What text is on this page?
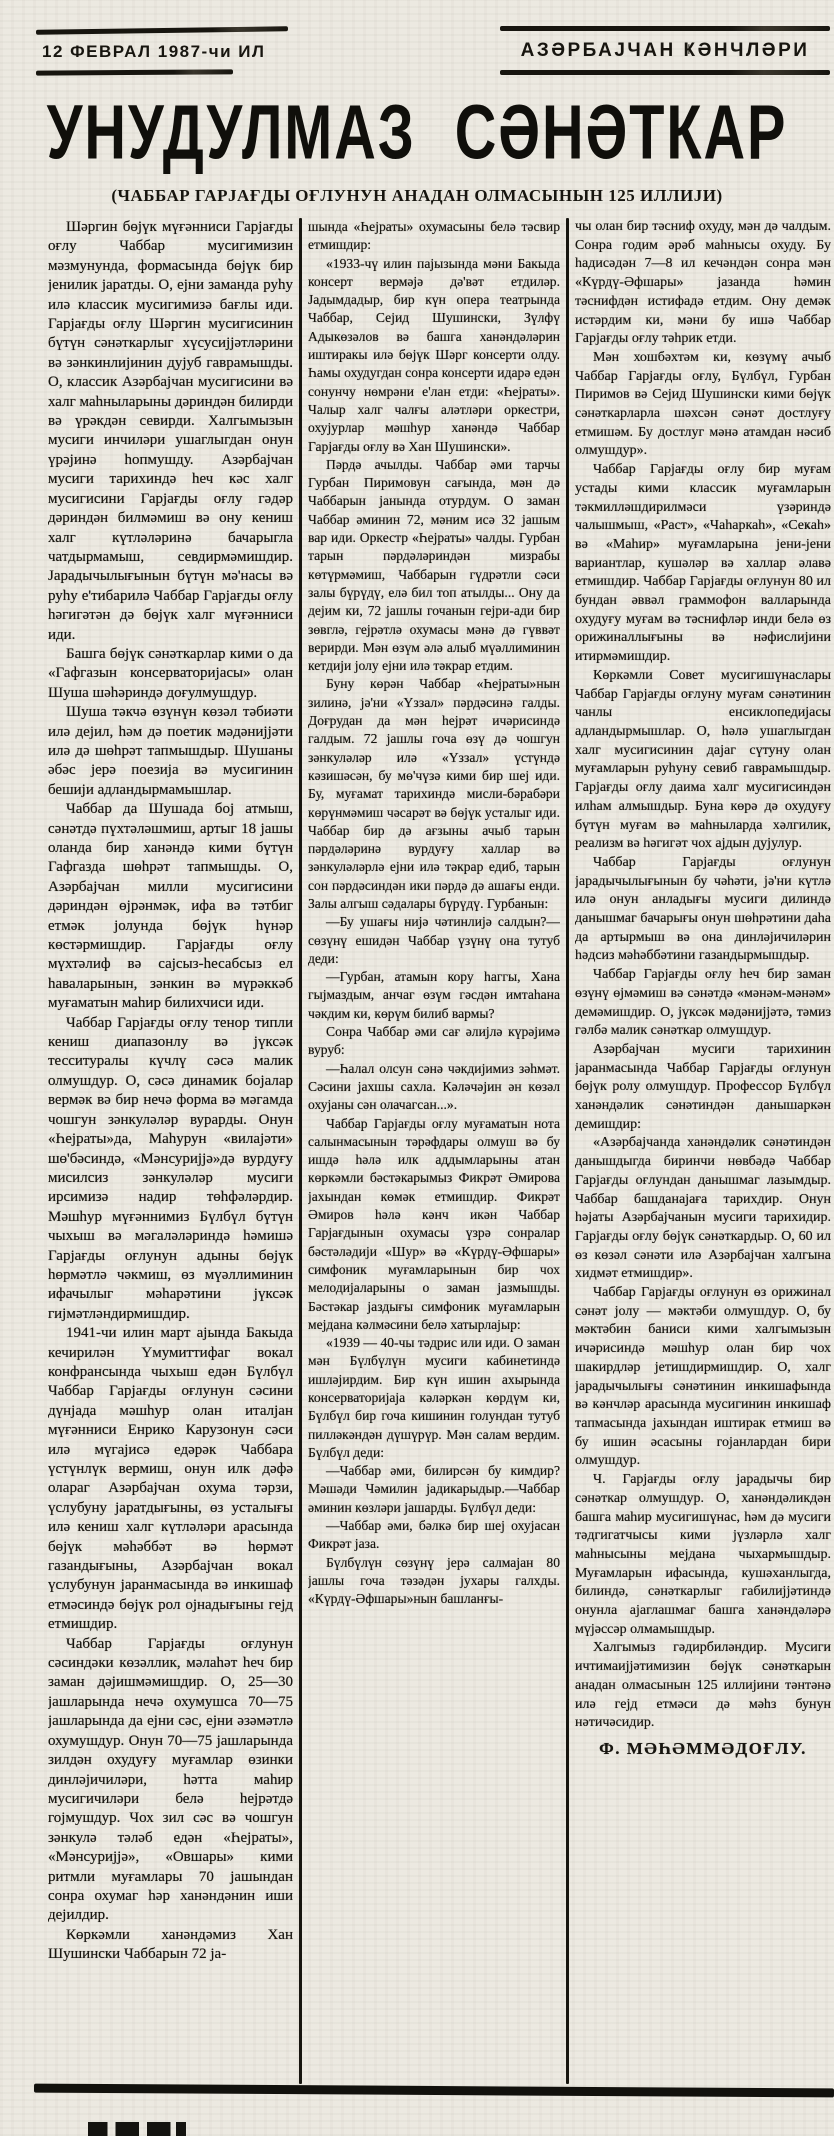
12 ФЕВРАЛ 1987-чи ИЛ	АЗӘРБАЈЧАН ҜӘНЧЛӘРИ
УНУДУЛМАЗ СӘНӘТКАР
(ЧАББАР ГАРЈАҒДЫ ОҒЛУНУН АНАДАН ОЛМАСЫНЫН 125 ИЛЛИЈИ)

Шәргин бөјүк мүғәнниси Гарјағды оғлу Чаббар мусигимизин мәзмунунда, формасында бөјүк бир јенилик јаратды. О, ејни заманда руһу илә классик мусигимизә бағлы иди. Гарјағды оғлу Шәргин мусигисинин бүтүн сәнәткарлыг хүсусијјәтләрини вә зәнкинлијинин дујуб гаврамышды. О, классик Азәрбајчан мусигисини вә халг маһныларыны дәриндән билирди вә үрәкдән севирди. Халгымызын мусиги инчиләри ушаглыгдан онун үрәјинә һопмушду. Азәрбајчан мусиги тарихиндә һеч кәс халг мусигисини Гарјағды оғлу гәдәр дәриндән билмәмиш вә ону кениш халг күтләләринә бачарыгла чатдырмамыш, севдирмәмишдир. Јарадычылығынын бүтүн мә'насы вә руһу е'тибарилә Чаббар Гарјағды оғлу һәгигәтән дә бөјүк халг мүғәнниси иди.

Башга бөјүк сәнәткарлар кими о да «Гафгазын консерваторијасы» олан Шуша шәһәриндә доғулмушдур.

Шуша тәкчә өзүнүн көзәл тәбиәти илә дејил, һәм дә поетик мәдәнијјәти илә дә шөһрәт тапмышдыр. Шушаны әбәс јерә поезија вә мусигинин бешији адландырмамышлар.

Чаббар да Шушада бој атмыш, сәнәтдә пүхтәләшмиш, артыг 18 јашы оланда бир ханәндә кими бүтүн Гафгазда шөһрәт тапмышды. О, Азәрбајчан милли мусигисини дәриндән өјрәнмәк, ифа вә тәтбиг етмәк јолунда бөјүк һүнәр көстәрмишдир. Гарјағды оғлу мүхтәлиф вә сајсыз-һесабсыз ел һаваларынын, зәнкин вә мүрәккәб муғаматын маһир билихчиси иди.

Чаббар Гарјағды оғлу тенор типли кениш диапазонлу вә јүксәк тесситуралы күчлү сәсә малик олмушдур. О, сәсә динамик бојалар вермәк вә бир нечә форма вә мәгамда чошгун зәнкуләләр вурарды. Онун «Һејраты»да, Маһурун «вилајәти» шө'бәсиндә, «Мәнсуријјә»дә вурдуғу мисилсиз зәнкуләләр мусиги ирсимизә надир төһфәләрдир. Мәшһур мүғәннимиз Бүлбүл бүтүн чыхыш вә мәгаләләриндә һәмишә Гарјағды оғлунун адыны бөјүк һөрмәтлә чәкмиш, өз мүәллиминин ифачылыг мәһарәтини јүксәк гијмәтләндирмишдир.

1941-чи илин март ајында Бакыда кечирилән Үмумиттифаг вокал конфрансында чыхыш едән Бүлбүл Чаббар Гарјағды оғлунун сәсини дүнјада мәшһур олан италјан мүғәнниси Енрико Карузонун сәси илә мүгајисә едәрәк Чаббара үстүнлүк вермиш, онун илк дәфә олараг Азәрбајчан охума тәрзи, үслубуну јаратдығыны, өз усталығы илә кениш халг күтләләри арасында бөјүк мәһәббәт вә һөрмәт газандығыны, Азәрбајчан вокал үслубунун јаранмасында вә инкишаф етмәсиндә бөјүк рол ојнадығыны гејд етмишдир.

Чаббар Гарјағды оғлунун сәсиндәки көзәллик, мәлаһәт һеч бир заман дәјишмәмишдир. О, 25—30 јашларында нечә охумушса 70—75 јашларында да ејни сәс, ејни әзәмәтлә охумушдур. Онун 70—75 јашларында зилдән охудуғу муғамлар өзинки динләјичиләри, һәтта маһир мусигичиләри белә һејрәтдә гојмушдур. Чох зил сәс вә чошгун зәнкулә тәләб едән «Һејраты», «Мәнсуријјә», «Овшары» кими ритмли муғамлары 70 јашындан сонра охумаг һәр ханәндәнин иши дејилдир.

Көркәмли ханәндәмиз Хан Шушински Чаббарын 72 ја-

шында «Һејраты» охумасыны белә тәсвир етмишдир:

«1933-чү илин пајызында мәни Бакыда консерт вермәјә дә'вәт етдиләр. Јадымдадыр, бир күн опера театрында Чаббар, Сејид Шушински, Зүлфү Адыкөзәлов вә башга ханәндәләрин иштиракы илә бөјүк Шәрг консерти олду. Һамы охудугдан сонра консерти идарә едән сонунчу нөмрәни е'лан етди: «Һејраты». Чалыр халг чалғы аләтләри оркестри, охујурлар мәшһур ханәндә Чаббар Гарјағды оғлу вә Хан Шушински».

Пәрдә ачылды. Чаббар әми тарчы Гурбан Пиримовун сағында, мән дә Чаббарын јанында отурдум. О заман Чаббар әминин 72, мәним исә 32 јашым вар иди. Оркестр «Һејраты» чалды. Гурбан тарын пәрдәләриндән мизрабы көтүрмәмиш, Чаббарын гүдрәтли сәси залы бүрүдү, елә бил топ атылды... Ону да дејим ки, 72 јашлы гочанын гејри-ади бир зөвглә, гејрәтлә охумасы мәнә дә гүввәт верирди. Мән өзүм әлә алыб мүәллиминин кетдији јолу ејни илә тәкрар етдим.

Буну көрән Чаббар «Һејраты»нын зилинә, јә'ни «Үззал» пәрдәсинә галды. Доғрудан да мән һејрәт ичәрисиндә галдым. 72 јашлы гоча өзү дә чошгун зәнкуләләр илә «Үззал» үстүндә кәзишәсән, бу мө'чүзә кими бир шеј иди. Бу, муғамат тарихиндә мисли-бәрабәри көрүнмәмиш чәсарәт вә бөјүк усталыг иди. Чаббар бир дә ағзыны ачыб тарын пәрдәләринә вурдуғу халлар вә зәнкуләләрлә ејни илә тәкрар едиб, тарын сон пәрдәсиндән ики пәрдә дә ашағы енди. Залы алгыш сәдалары бүрүдү. Гурбанын:

—Бу ушағы нијә чәтинлијә салдын?—сөзүнү ешидән Чаббар үзүнү она тутуб деди:

—Гурбан, атамын кору һаггы, Хана гыјмаздым, анчаг өзүм гәсдән имтаһана чәкдим ки, көрүм билиб вармы?

Сонра Чаббар әми сағ әлијлә күрәјимә вуруб:

—Һалал олсун сәнә чәкдијимиз зәһмәт. Сәсини јахшы сахла. Кәләчәјин ән көзәл охујаны сән олачагсан...».

Чаббар Гарјағды оғлу муғаматын нота салынмасынын тәрәфдары олмуш вә бу ишдә һәлә илк аддымларыны атан көркәмли бәстәкарымыз Фикрәт Әмирова јахындан көмәк етмишдир. Фикрәт Әмиров һәлә кәнч икән Чаббар Гарјағдынын охумасы үзрә сонралар бәстәләдији «Шур» вә «Күрдү-Әфшары» симфоник муғамларынын бир чох мелодијаларыны о заман јазмышды. Бәстәкар јаздығы симфоник муғамларын мејдана кәлмәсини белә хатырлајыр:

«1939 — 40-чы тәдрис или иди. О заман мән Бүлбүлүн мусиги кабинетиндә ишләјирдим. Бир күн ишин ахырында консерваторијаја кәләркән көрдүм ки, Бүлбүл бир гоча кишинин голундан тутуб пилләкәндән дүшүрүр. Мән салам вердим. Бүлбүл деди:

—Чаббар әми, билирсән бу кимдир? Мәшәди Чәмилин јадикарыдыр.—Чаббар әминин көзләри јашарды. Бүлбүл деди:

—Чаббар әми, бәлкә бир шеј охујасан Фикрәт јаза.

Бүлбүлүн сөзүнү јерә салмајан 80 јашлы гоча тәзәдән јухары галхды. «Күрдү-Әфшары»нын башланғы-

чы олан бир тәсниф охуду, мән дә чалдым. Сонра годим әрәб маһнысы охуду. Бу һадисәдән 7—8 ил кечәндән сонра мән «Күрдү-Әфшары» јазанда һәмин тәснифдән истифадә етдим. Ону демәк истәрдим ки, мәни бу ишә Чаббар Гарјағды оғлу тәһрик етди.

Мән хошбәхтәм ки, көзүмү ачыб Чаббар Гарјағды оғлу, Бүлбүл, Гурбан Пиримов вә Сејид Шушински кими бөјүк сәнәткарларла шәхсән сәнәт достлуғу етмишәм. Бу достлуг мәнә атамдан нәсиб олмушдур».

Чаббар Гарјағды оғлу бир муғам устады кими классик муғамларын тәкмилләшдирилмәси үзәриндә чалышмыш, «Раст», «Чаһаркаһ», «Сеҝаһ» вә «Маһир» муғамларына јени-јени вариантлар, кушәләр вә халлар әлавә етмишдир. Чаббар Гарјағды оғлунун 80 ил бундан әввәл граммофон валларында охудуғу муғам вә тәснифләр инди белә өз орижиналлығыны вә нәфислијини итирмәмишдир.

Көркәмли Совет мусигишүнаслары Чаббар Гарјағды оғлуну муғам сәнәтинин чанлы енсиклопедијасы адландырмышлар. О, һәлә ушаглыгдан халг мусигисинин дајаг сүтуну олан муғамларын руһуну севиб гаврамышдыр. Гарјағды оғлу даима халг мусигисиндән илһам алмышдыр. Буна көрә дә охудуғу бүтүн муғам вә маһныларда хәлгилик, реализм вә һәгигәт чох ајдын дујулур.

Чаббар Гарјағды оғлунун јарадычылығынын бу чәһәти, јә'ни күтлә илә онун анладығы мусиги дилиндә данышмаг бачарығы онун шөһрәтини даһа да артырмыш вә она динләјичиләрин һәдсиз мәһәббәтини газандырмышдыр.

Чаббар Гарјағды оғлу һеч бир заман өзүнү өјмәмиш вә сәнәтдә «мәнәм-мәнәм» демәмишдир. О, јүксәк мәдәнијјәтә, тәмиз гәлбә малик сәнәткар олмушдур.

Азәрбајчан мусиги тарихинин јаранмасында Чаббар Гарјағды оғлунун бөјүк ролу олмушдур. Профессор Бүлбүл ханәндәлик сәнәтиндән данышаркән демишдир:

«Азәрбајчанда ханәндәлик сәнәтиндән данышдыгда биринчи нөвбәдә Чаббар Гарјағды оғлундан данышмаг лазымдыр. Чаббар башданајаға тарихдир. Онун һәјаты Азәрбајчанын мусиги тарихидир. Гарјағды оғлу бөјүк сәнәткардыр. О, 60 ил өз көзәл сәнәти илә Азәрбајчан халгына хидмәт етмишдир».

Чаббар Гарјағды оғлунун өз орижинал сәнәт јолу — мәктәби олмушдур. О, бу мәктәбин баниси кими халгымызын ичәрисиндә мәшһур олан бир чох шакирдләр јетишдирмишдир. О, халг јарадычылығы сәнәтинин инкишафында вә кәнчләр арасында мусигинин инкишаф тапмасында јахындан иштирак етмиш вә бу ишин әсасыны гојанлардан бири олмушдур.

Ч. Гарјағды оғлу јарадычы бир сәнәткар олмушдур. О, ханәндәликдән башга маһир мусигишүнас, һәм дә мусиги тәдгигатчысы кими јүзләрлә халг маһнысыны мејдана чыхармышдыр. Муғамларын ифасында, кушәханлыгда, билиндә, сәнәткарлыг габилијјәтиндә онунла ајаглашмаг башга ханәндәләрә мүјәссәр олмамышдыр.

Халгымыз гәдирбиләндир. Мусиги ичтимаијјәтимизин бөјүк сәнәткарын анадан олмасынын 125 иллијини тәнтәнә илә гејд етмәси дә мәһз бунун нәтичәсидир.

Ф. МӘҺӘММӘДОҒЛУ.
